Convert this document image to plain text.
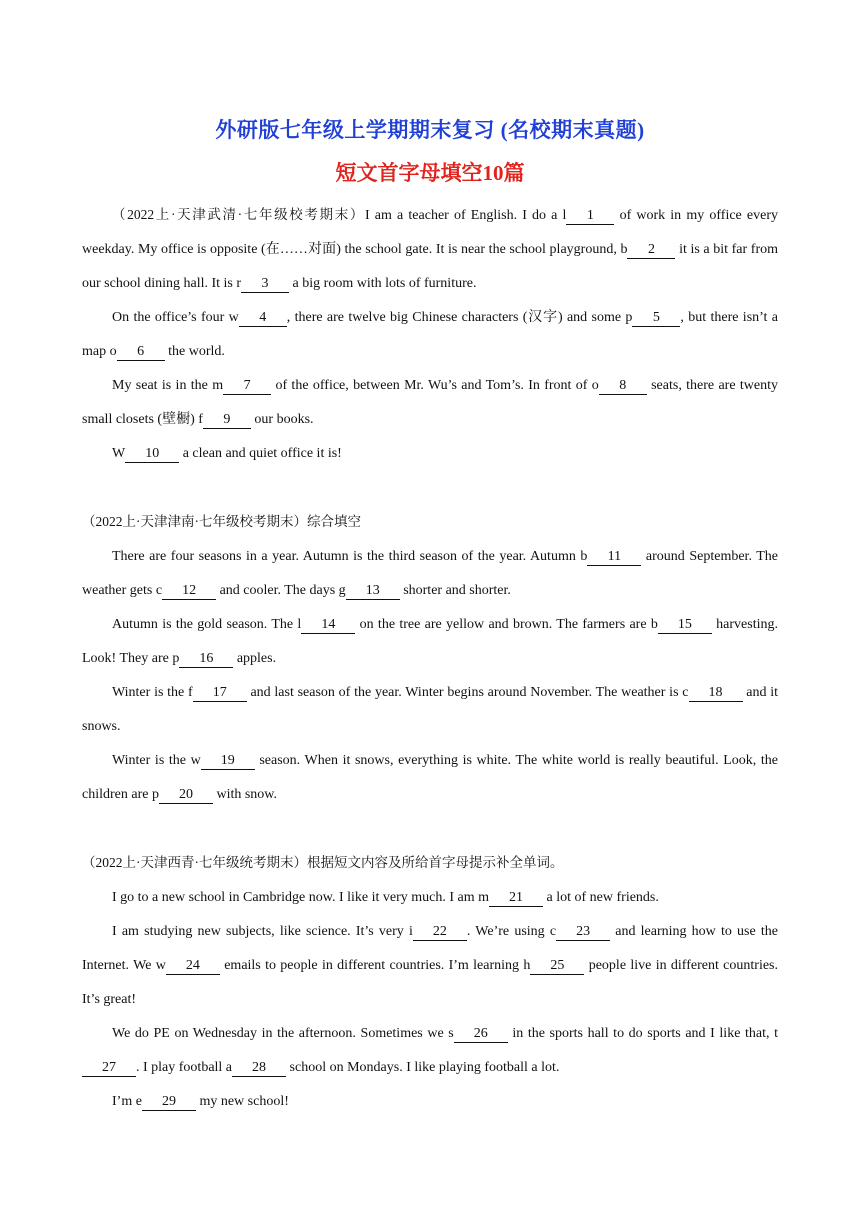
外研版七年级上学期期末复习 (名校期末真题)
短文首字母填空10篇

（2022上·天津武清·七年级校考期末）I am a teacher of English. I do a l 1 of work in my office every weekday. My office is opposite (在……对面) the school gate. It is near the school playground, b 2 it is a bit far from our school dining hall. It is r 3 a big room with lots of furniture.

On the office’s four w 4 , there are twelve big Chinese characters (汉字) and some p 5 , but there isn’t a map o 6 the world.

My seat is in the m 7 of the office, between Mr. Wu’s and Tom’s. In front of o 8 seats, there are twenty small closets (壁橱) f 9 our books.

W 10 a clean and quiet office it is!

（2022上·天津津南·七年级校考期末）综合填空

There are four seasons in a year. Autumn is the third season of the year. Autumn b 11 around September. The weather gets c 12 and cooler. The days g 13 shorter and shorter.

Autumn is the gold season. The l 14 on the tree are yellow and brown. The farmers are b 15 harvesting. Look! They are p 16 apples.

Winter is the f 17 and last season of the year. Winter begins around November. The weather is c 18 and it snows.

Winter is the w 19 season. When it snows, everything is white. The white world is really beautiful. Look, the children are p 20 with snow.

（2022上·天津西青·七年级统考期末）根据短文内容及所给首字母提示补全单词。

I go to a new school in Cambridge now. I like it very much. I am m 21 a lot of new friends.

I am studying new subjects, like science. It’s very i 22 . We’re using c 23 and learning how to use the Internet. We w 24 emails to people in different countries. I’m learning h 25 people live in different countries. It’s great!

We do PE on Wednesday in the afternoon. Sometimes we s 26 in the sports hall to do sports and I like that, t27 . I play football a 28 school on Mondays. I like playing football a lot.

I’m e 29 my new school!
